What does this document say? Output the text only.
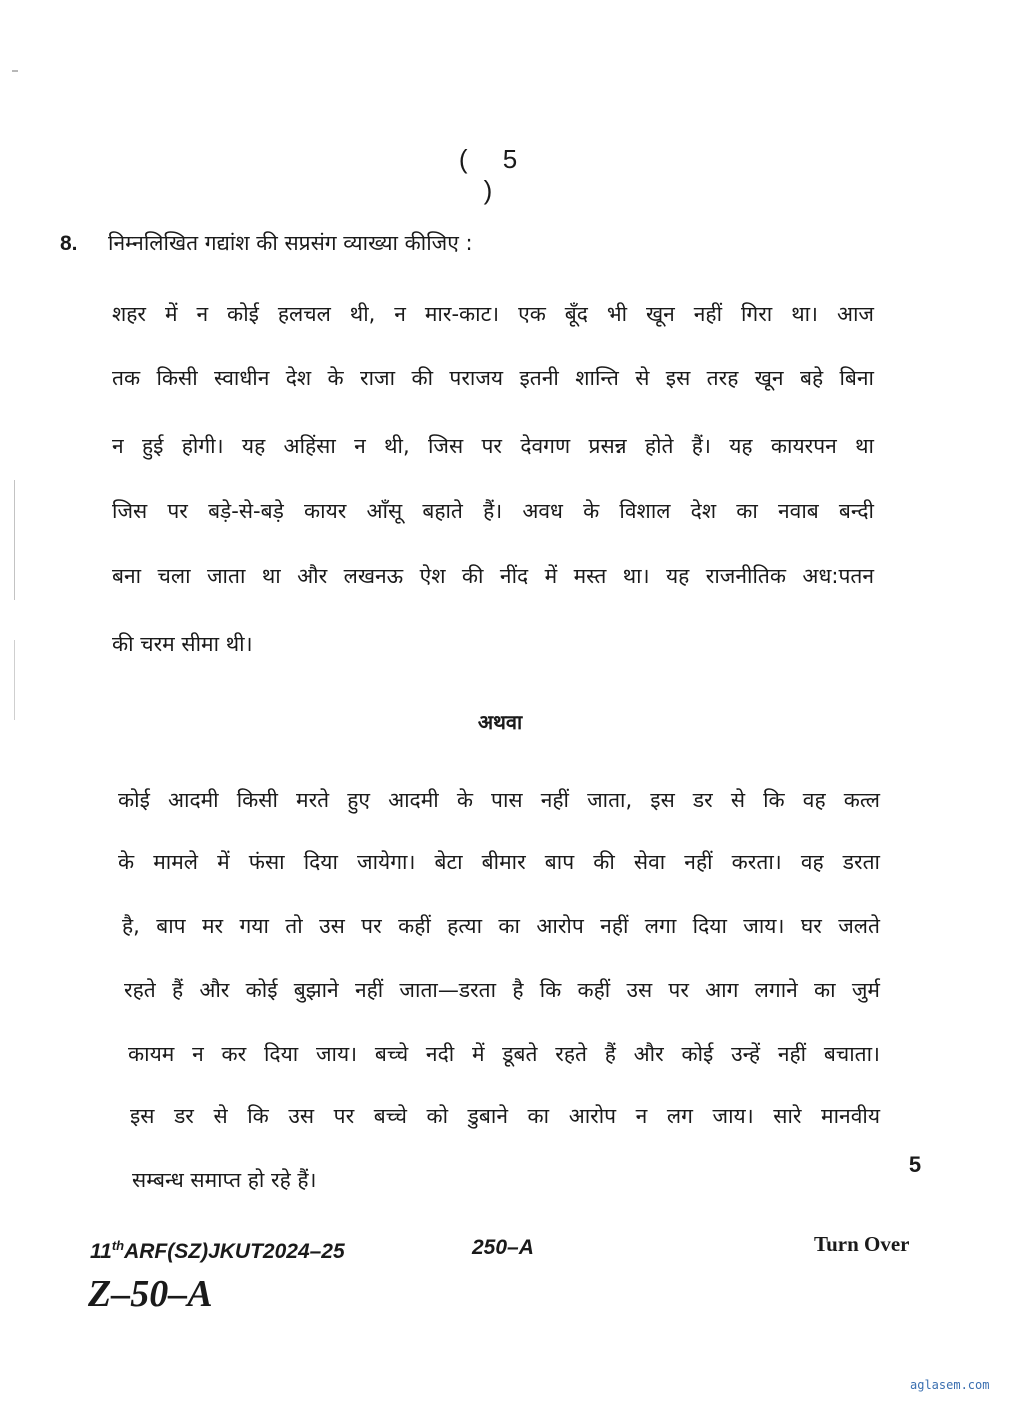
( 5 )
8. निम्नलिखित गद्यांश की सप्रसंग व्याख्या कीजिए :
शहर में न कोई हलचल थी, न मार-काट। एक बूँद भी खून नहीं गिरा था। आज
तक किसी स्वाधीन देश के राजा की पराजय इतनी शान्ति से इस तरह खून बहे बिना
न हुई होगी। यह अहिंसा न थी, जिस पर देवगण प्रसन्न होते हैं। यह कायरपन था
जिस पर बड़े-से-बड़े कायर आँसू बहाते हैं। अवध के विशाल देश का नवाब बन्दी
बना चला जाता था और लखनऊ ऐश की नींद में मस्त था। यह राजनीतिक अध:पतन
की चरम सीमा थी।
अथवा
कोई आदमी किसी मरते हुए आदमी के पास नहीं जाता, इस डर से कि वह कत्ल
के मामले में फंसा दिया जायेगा। बेटा बीमार बाप की सेवा नहीं करता। वह डरता
है, बाप मर गया तो उस पर कहीं हत्या का आरोप नहीं लगा दिया जाय। घर जलते
रहते हैं और कोई बुझाने नहीं जाता—डरता है कि कहीं उस पर आग लगाने का जुर्म
कायम न कर दिया जाय। बच्चे नदी में डूबते रहते हैं और कोई उन्हें नहीं बचाता।
इस डर से कि उस पर बच्चे को डुबाने का आरोप न लग जाय। सारे मानवीय
सम्बन्ध समाप्त हो रहे हैं।
5
11thARF(SZ)JKUT2024–25	250–A	Turn Over
Z–50–A
aglasem.com
